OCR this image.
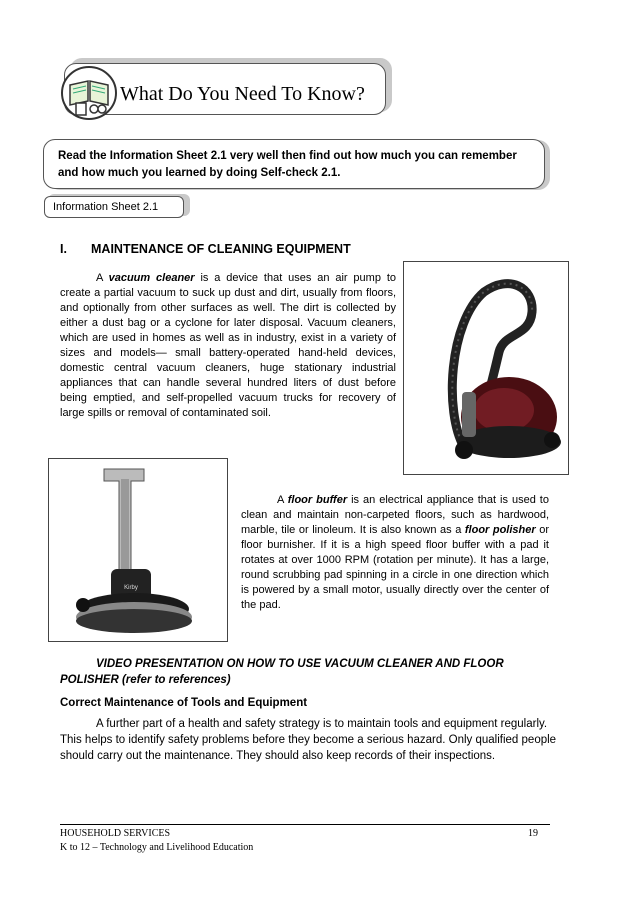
What Do You Need To Know?
Read the Information Sheet 2.1 very well then find out how much you can remember and how much you learned by doing Self-check 2.1.
Information Sheet 2.1
I. MAINTENANCE OF CLEANING EQUIPMENT
A vacuum cleaner is a device that uses an air pump to create a partial vacuum to suck up dust and dirt, usually from floors, and optionally from other surfaces as well. The dirt is collected by either a dust bag or a cyclone for later disposal. Vacuum cleaners, which are used in homes as well as in industry, exist in a variety of sizes and models— small battery-operated hand-held devices, domestic central vacuum cleaners, huge stationary industrial appliances that can handle several hundred liters of dust before being emptied, and self-propelled vacuum trucks for recovery of large spills or removal of contaminated soil.
Kirby
A floor buffer is an electrical appliance that is used to clean and maintain non-carpeted floors, such as hardwood, marble, tile or linoleum. It is also known as a floor polisher or floor burnisher. If it is a high speed floor buffer with a pad it rotates at over 1000 RPM (rotation per minute). It has a large, round scrubbing pad spinning in a circle in one direction which is powered by a small motor, usually directly over the center of the pad.
VIDEO PRESENTATION ON HOW TO USE VACUUM CLEANER AND FLOOR
POLISHER (refer to references)
Correct Maintenance of Tools and Equipment
A further part of a health and safety strategy is to maintain tools and equipment regularly. This helps to identify safety problems before they become a serious hazard. Only qualified people should carry out the maintenance. They should also keep records of their inspections.
HOUSEHOLD SERVICES
K to 12 – Technology and Livelihood Education
19
